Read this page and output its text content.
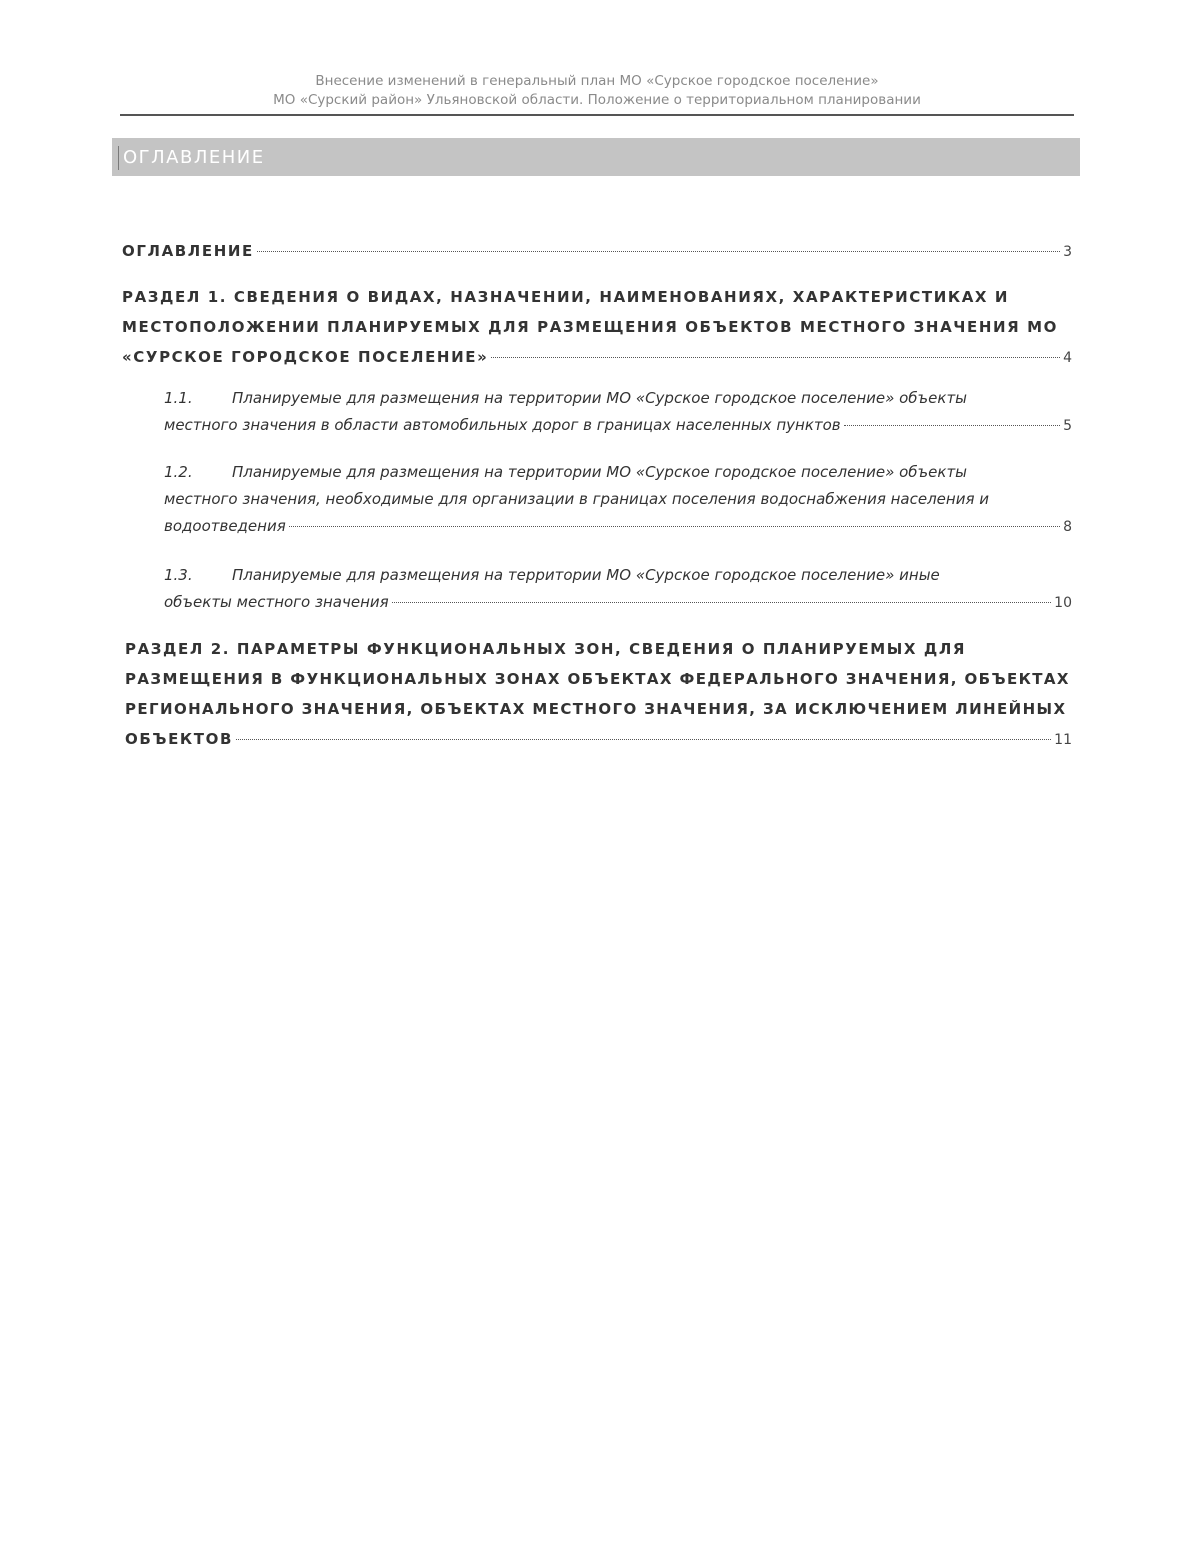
Внесение изменений в генеральный план МО «Сурское городское поселение»
МО «Сурский район» Ульяновской области. Положение о территориальном планировании
ОГЛАВЛЕНИЕ
ОГЛАВЛЕНИЕ	3
РАЗДЕЛ 1. СВЕДЕНИЯ О ВИДАХ, НАЗНАЧЕНИИ, НАИМЕНОВАНИЯХ, ХАРАКТЕРИСТИКАХ И
МЕСТОПОЛОЖЕНИИ ПЛАНИРУЕМЫХ ДЛЯ РАЗМЕЩЕНИЯ ОБЪЕКТОВ МЕСТНОГО ЗНАЧЕНИЯ МО
«СУРСКОЕ ГОРОДСКОЕ ПОСЕЛЕНИЕ»	4
1.1.	Планируемые для размещения на территории МО «Сурское городское поселение» объекты
местного значения в области автомобильных дорог в границах населенных пунктов	5
1.2.	Планируемые для размещения на территории МО «Сурское городское поселение» объекты
местного значения, необходимые для организации в границах поселения водоснабжения населения и
водоотведения	8
1.3.	Планируемые для размещения на территории МО «Сурское городское поселение» иные
объекты местного значения	10
РАЗДЕЛ 2. ПАРАМЕТРЫ ФУНКЦИОНАЛЬНЫХ ЗОН, СВЕДЕНИЯ О ПЛАНИРУЕМЫХ ДЛЯ
РАЗМЕЩЕНИЯ В ФУНКЦИОНАЛЬНЫХ ЗОНАХ ОБЪЕКТАХ ФЕДЕРАЛЬНОГО ЗНАЧЕНИЯ, ОБЪЕКТАХ
РЕГИОНАЛЬНОГО ЗНАЧЕНИЯ, ОБЪЕКТАХ МЕСТНОГО ЗНАЧЕНИЯ, ЗА ИСКЛЮЧЕНИЕМ ЛИНЕЙНЫХ
ОБЪЕКТОВ	11
